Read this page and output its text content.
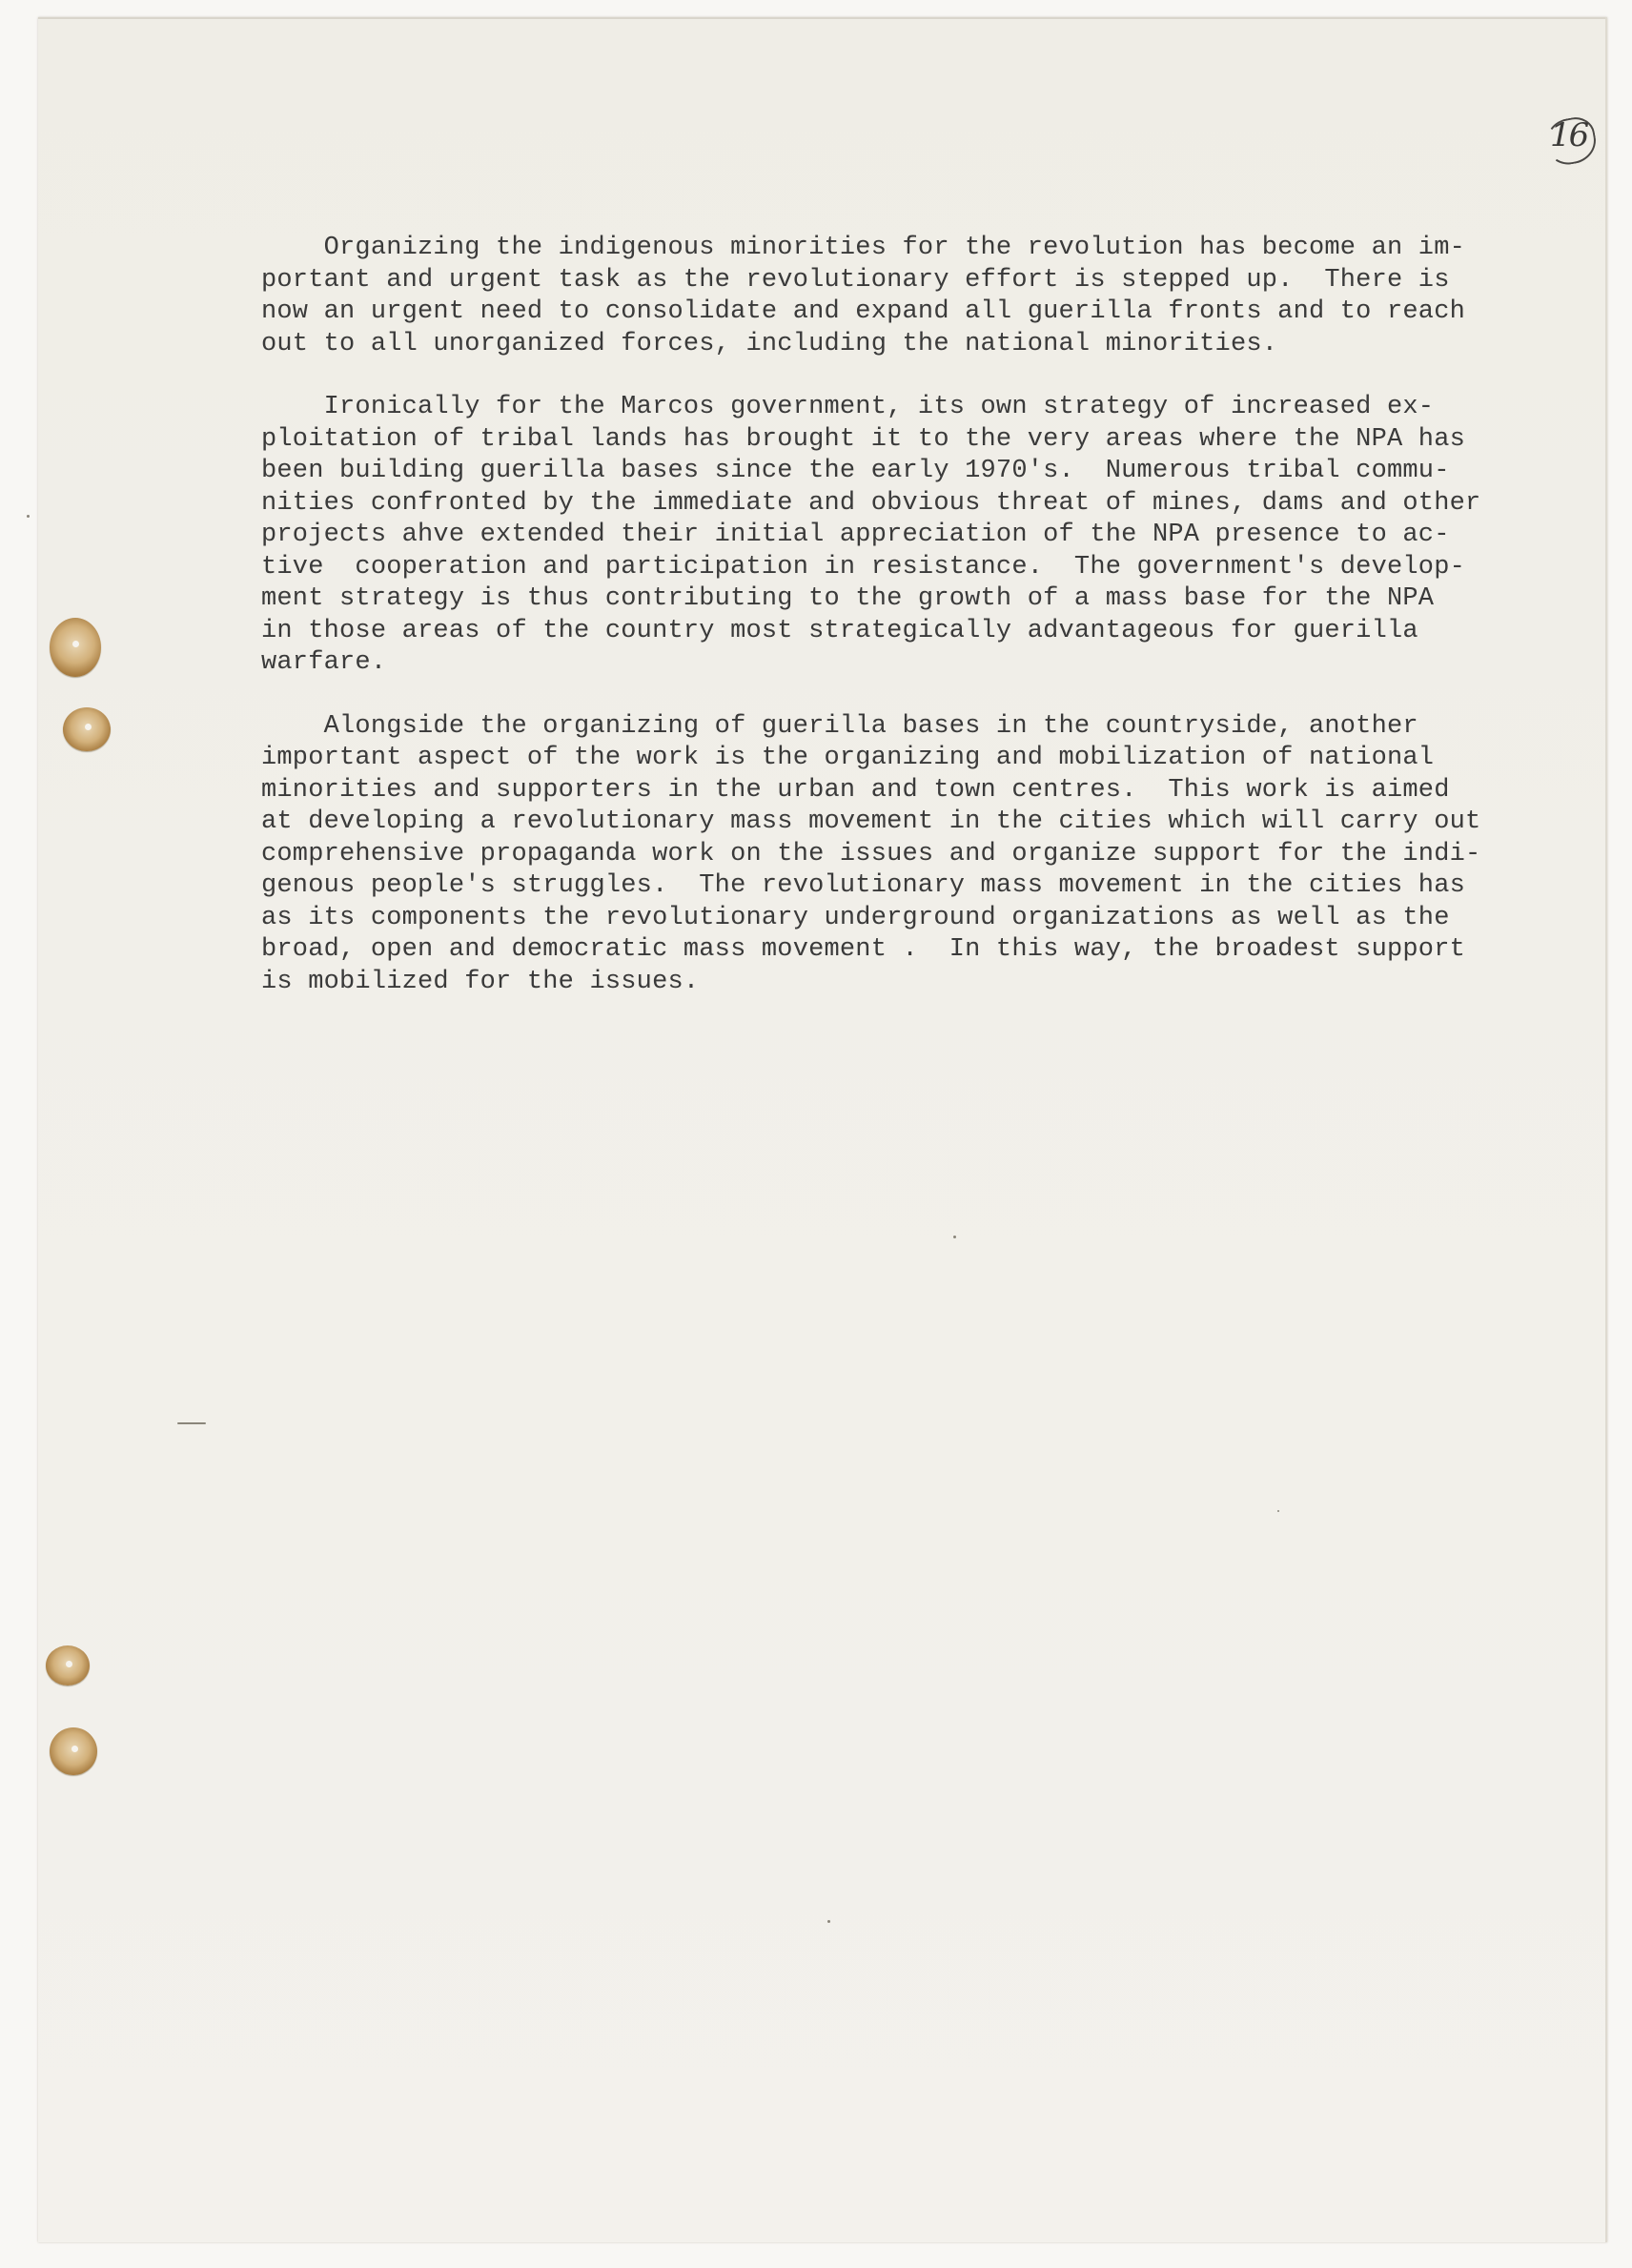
16

Organizing the indigenous minorities for the revolution has become an im-
portant and urgent task as the revolutionary effort is stepped up.  There is
now an urgent need to consolidate and expand all guerilla fronts and to reach
out to all unorganized forces, including the national minorities.

Ironically for the Marcos government, its own strategy of increased ex-
ploitation of tribal lands has brought it to the very areas where the NPA has
been building guerilla bases since the early 1970's.  Numerous tribal commu-
nities confronted by the immediate and obvious threat of mines, dams and other
projects ahve extended their initial appreciation of the NPA presence to ac-
tive  cooperation and participation in resistance.  The government's develop-
ment strategy is thus contributing to the growth of a mass base for the NPA
in those areas of the country most strategically advantageous for guerilla
warfare.

Alongside the organizing of guerilla bases in the countryside, another
important aspect of the work is the organizing and mobilization of national
minorities and supporters in the urban and town centres.  This work is aimed
at developing a revolutionary mass movement in the cities which will carry out
comprehensive propaganda work on the issues and organize support for the indi-
genous people's struggles.  The revolutionary mass movement in the cities has
as its components the revolutionary underground organizations as well as the
broad, open and democratic mass movement .  In this way, the broadest support
is mobilized for the issues.
